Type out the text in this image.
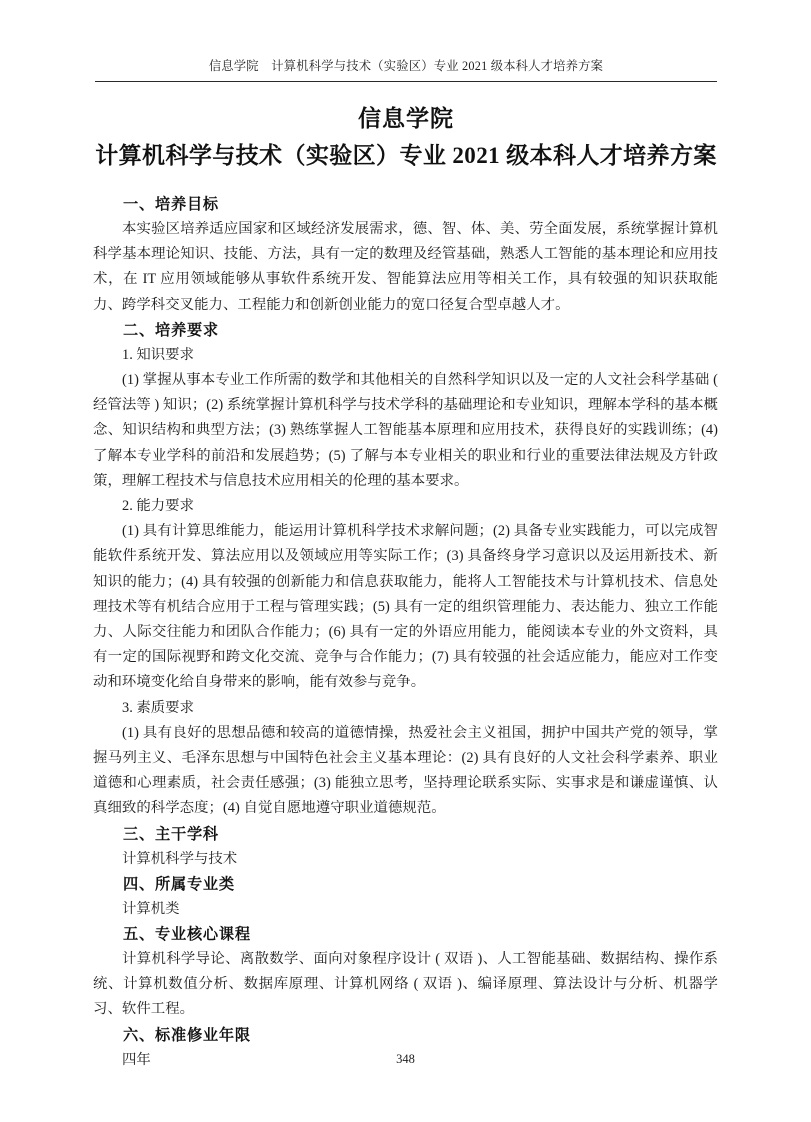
信息学院　计算机科学与技术（实验区）专业 2021 级本科人才培养方案
信息学院
计算机科学与技术（实验区）专业 2021 级本科人才培养方案
一、培养目标

本实验区培养适应国家和区域经济发展需求，德、智、体、美、劳全面发展，系统掌握计算机科学基本理论知识、技能、方法，具有一定的数理及经管基础，熟悉人工智能的基本理论和应用技术，在 IT 应用领域能够从事软件系统开发、智能算法应用等相关工作，具有较强的知识获取能力、跨学科交叉能力、工程能力和创新创业能力的宽口径复合型卓越人才。

二、培养要求

1. 知识要求

(1) 掌握从事本专业工作所需的数学和其他相关的自然科学知识以及一定的人文社会科学基础 ( 经管法等 ) 知识；(2) 系统掌握计算机科学与技术学科的基础理论和专业知识，理解本学科的基本概念、知识结构和典型方法；(3) 熟练掌握人工智能基本原理和应用技术，获得良好的实践训练；(4) 了解本专业学科的前沿和发展趋势；(5) 了解与本专业相关的职业和行业的重要法律法规及方针政策，理解工程技术与信息技术应用相关的伦理的基本要求。

2. 能力要求

(1) 具有计算思维能力，能运用计算机科学技术求解问题；(2) 具备专业实践能力，可以完成智能软件系统开发、算法应用以及领域应用等实际工作；(3) 具备终身学习意识以及运用新技术、新知识的能力；(4) 具有较强的创新能力和信息获取能力，能将人工智能技术与计算机技术、信息处理技术等有机结合应用于工程与管理实践；(5) 具有一定的组织管理能力、表达能力、独立工作能力、人际交往能力和团队合作能力；(6) 具有一定的外语应用能力，能阅读本专业的外文资料，具有一定的国际视野和跨文化交流、竞争与合作能力；(7) 具有较强的社会适应能力，能应对工作变动和环境变化给自身带来的影响，能有效参与竞争。

3. 素质要求

(1) 具有良好的思想品德和较高的道德情操，热爱社会主义祖国，拥护中国共产党的领导，掌握马列主义、毛泽东思想与中国特色社会主义基本理论：(2) 具有良好的人文社会科学素养、职业道德和心理素质，社会责任感强；(3) 能独立思考，坚持理论联系实际、实事求是和谦虚谨慎、认真细致的科学态度；(4) 自觉自愿地遵守职业道德规范。

三、主干学科

计算机科学与技术

四、所属专业类

计算机类

五、专业核心课程

计算机科学导论、离散数学、面向对象程序设计 ( 双语 )、人工智能基础、数据结构、操作系统、计算机数值分析、数据库原理、计算机网络 ( 双语 )、编译原理、算法设计与分析、机器学习、软件工程。

六、标准修业年限

四年	348
